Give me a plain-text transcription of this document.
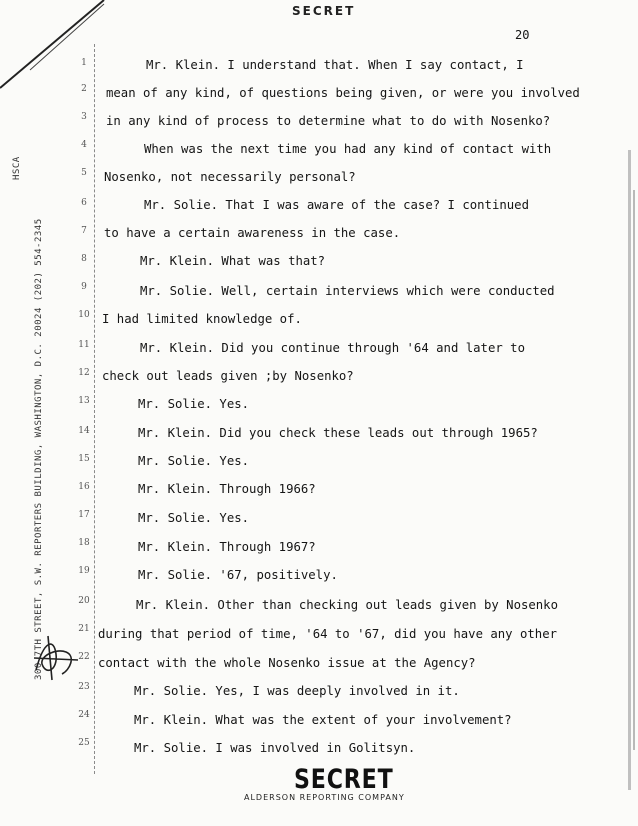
SECRET
20
300 7TH STREET, S.W. REPORTERS BUILDING, WASHINGTON, D.C. 20024 (202) 554-2345
HSCA
1
2
3
4
5
6
7
8
9
10
11
12
13
14
15
16
17
18
19
20
21
22
23
24
25
Mr. Klein. I understand that. When I say contact, I
mean of any kind, of questions being given, or were you involved
in any kind of process to determine what to do with Nosenko?
When was the next time you had any kind of contact with
Nosenko, not necessarily personal?
Mr. Solie. That I was aware of the case? I continued
to have a certain awareness in the case.
Mr. Klein. What was that?
Mr. Solie. Well, certain interviews which were conducted
I had limited knowledge of.
Mr. Klein. Did you continue through '64 and later to
check out leads given ;by Nosenko?
Mr. Solie. Yes.
Mr. Klein. Did you check these leads out through 1965?
Mr. Solie. Yes.
Mr. Klein. Through 1966?
Mr. Solie. Yes.
Mr. Klein. Through 1967?
Mr. Solie. '67, positively.
Mr. Klein. Other than checking out leads given by Nosenko
during that period of time, '64 to '67, did you have any other
contact with the whole Nosenko issue at the Agency?
Mr. Solie. Yes, I was deeply involved in it.
Mr. Klein. What was the extent of your involvement?
Mr. Solie. I was involved in Golitsyn.
SECRET
ALDERSON REPORTING COMPANY
